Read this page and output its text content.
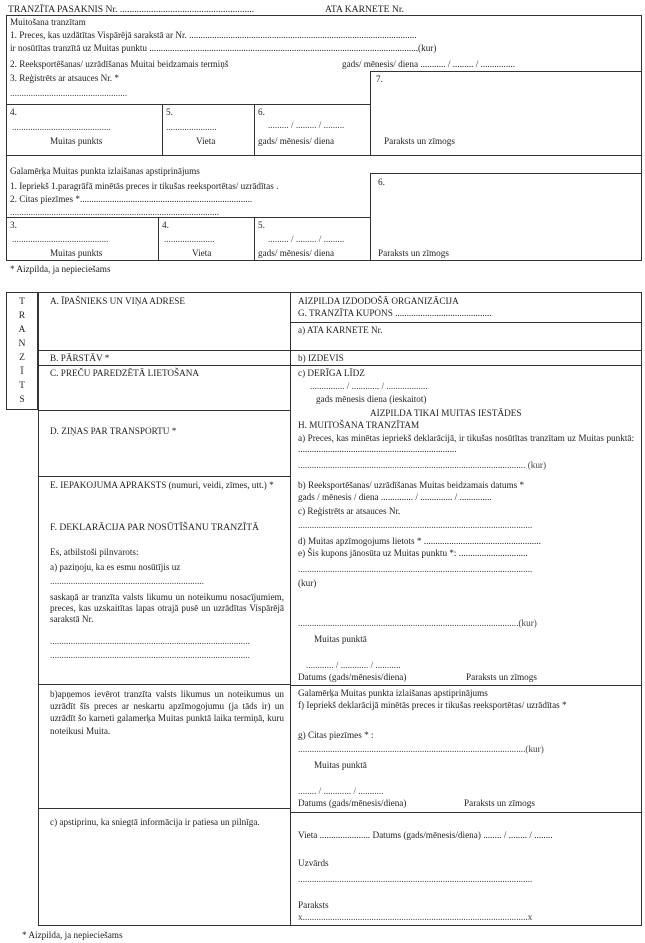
TRANZĪTA PASAKNIS Nr. ........................................................	ATA KARNETE Nr.
Muitošana tranzītam
1. Preces, kas uzdātītas Vispārējā sarakstā ar Nr. ...................................................................................................
ir nosūtītas tranzītā uz Muitas punktu .....................................................................................................................(kur)
2. Reeksportēšanas/ uzrādīšanas Muitai beidzamais termiņš	gads/ mēnesis/ diena ........... / ......... / ...............
3. Reģistrēts ar atsauces Nr. *
...................................................
7.
4.	5.	6.
...........................................	......................	......... / ......... / .........
Muitas punkts	Vieta	gads/ mēnesis/ diena	Paraksts un zīmogs
Galamērķa Muitas punkta izlaišanas apstiprinājums
1. Iepriekš 1.paragrāfā minētās preces ir tikušas reeksportētas/ uzrādītas .
2. Citas piezīmes *...........................................................................
...........................................................................................
6.
3.	4.	5.
..........................................	......................	......... / ......... / .........
Muitas punkts	Vieta	gads/ mēnesis/ diena	Paraksts un zīmogs
* Aizpilda, ja nepieciešams
T
R
A
N
Z
Ī
T
S
A. ĪPAŠNIEKS UN VIŅA ADRESE
B. PĀRSTĀV *
C. PREČU PAREDZĒTĀ LIETOŠANA
D. ZIŅAS PAR TRANSPORTU *
E. IEPAKOJUMA APRAKSTS (numuri, veidi, zīmes, utt.) *
F. DEKLARĀCIJA PAR NOSŪTĪŠANU TRANZĪTĀ
Es, atbilstoši pilnvarots:
a) paziņoju, ka es esmu nosūtījis uz
...................................................................
saskaņā ar tranzīta valsts likumu un noteikumu nosacījumiem, preces, kas uzskaitītas lapas otrajā pusē un uzrādītas Vispārējā sarakstā Nr.
.......................................................................................
.......................................................................................
b)apņemos ievērot tranzīta valsts likumus un noteikumus un uzrādīt šīs preces ar neskartu apzīmogojumu (ja tāds ir) un uzrādīt šo karneti galamerķa Muitas punktā laika termiņā, kuru noteikusi Muita.
c) apstiprinu, ka sniegtā informācija ir patiesa un pilnīga.
AIZPILDA IZDODOŠĀ ORGANIZĀCIJA
G. TRANZĪTA KUPONS ..........................................
a) ATA KARNETE Nr.
b) IZDEVIS
c) DERĪGA LĪDZ
............... / ............ / ..................
gads mēnesis diena (ieskaitot)
AIZPILDA TIKAI MUITAS IESTĀDES
H. MUITOŠANA TRANZĪTAM
a) Preces, kas minētas iepriekš deklarācijā, ir tikušas nosūtītas tranzītam uz Muitas punktā: .....................................................................
................................................................................................... (kur)
b) Reeksportēšanas/ uzrādīšanas Muitas beidzamais datums *
gads / mēnesis / diena .............. / .............. / ..............
c) Reģistrēts ar atsauces Nr.
......................................................................................................
d) Muitas apzīmogojums lietots * ...................................................
e) Šis kupons jānosūta uz Muitas punktu *: ..............................
......................................................................................................
(kur)
................................................................................................(kur)
Muitas punktā
............ / ............ / ...........
Datums (gads/mēnesis/diena)	Paraksts un zīmogs
Galamērķa Muitas punkta izlaišanas apstiprinājums
f) Iepriekš deklarācijā minētās preces ir tikušas reeksportētas/ uzrādītas *
g) Citas piezīmes * :
...................................................................................................(kur)
Muitas punktā
........ / ............ / ...........
Datums (gads/mēnesis/diena)	Paraksts un zīmogs
Vieta ...................... Datums (gads/mēnesis/diena) ........ / ........ / ........
Uzvārds
......................................................................................................
Paraksts
x..................................................................................................x
* Aizpilda, ja nepieciešams
